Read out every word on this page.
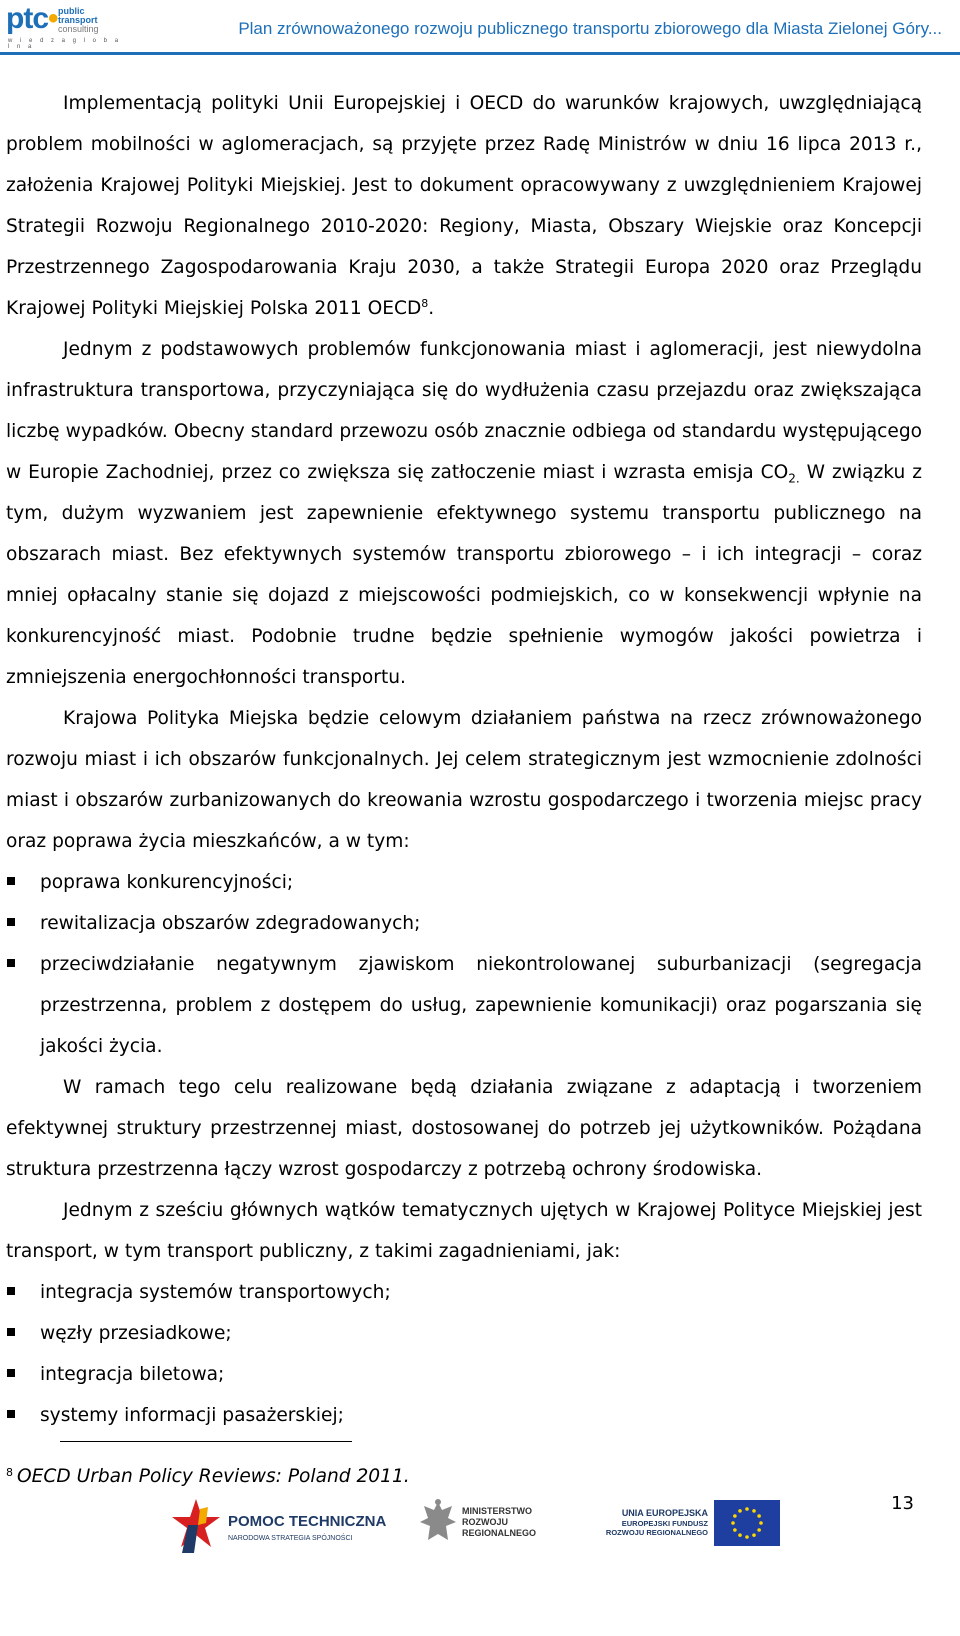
ptc• public
transport
consulting
w i e d z a g l o b a l n a
Plan zrównoważonego rozwoju publicznego transportu zbiorowego dla Miasta Zielonej Góry...

Implementacją polityki Unii Europejskiej i OECD do warunków krajowych, uwzględniającą problem mobilności w aglomeracjach, są przyjęte przez Radę Ministrów w dniu 16 lipca 2013 r., założenia Krajowej Polityki Miejskiej. Jest to dokument opracowywany z uwzględnieniem Krajowej Strategii Rozwoju Regionalnego 2010-2020: Regiony, Miasta, Obszary Wiejskie oraz Koncepcji Przestrzennego Zagospodarowania Kraju 2030, a także Strategii Europa 2020 oraz Przeglądu Krajowej Polityki Miejskiej Polska 2011 OECD$^8$.

Jednym z podstawowych problemów funkcjonowania miast i aglomeracji, jest niewydolna infrastruktura transportowa, przyczyniająca się do wydłużenia czasu przejazdu oraz zwiększająca liczbę wypadków. Obecny standard przewozu osób znacznie odbiega od standardu występującego w Europie Zachodniej, przez co zwiększa się zatłoczenie miast i wzrasta emisja $CO_{2.}$ W związku z tym, dużym wyzwaniem jest zapewnienie efektywnego systemu transportu publicznego na obszarach miast. Bez efektywnych systemów transportu zbiorowego – i ich integracji – coraz mniej opłacalny stanie się dojazd z miejscowości podmiejskich, co w konsekwencji wpłynie na konkurencyjność miast. Podobnie trudne będzie spełnienie wymogów jakości powietrza i zmniejszenia energochłonności transportu.

Krajowa Polityka Miejska będzie celowym działaniem państwa na rzecz zrównoważonego rozwoju miast i ich obszarów funkcjonalnych. Jej celem strategicznym jest wzmocnienie zdolności miast i obszarów zurbanizowanych do kreowania wzrostu gospodarczego i tworzenia miejsc pracy oraz poprawa życia mieszkańców, a w tym:

poprawa konkurencyjności;
rewitalizacja obszarów zdegradowanych;
przeciwdziałanie negatywnym zjawiskom niekontrolowanej suburbanizacji (segregacja przestrzenna, problem z dostępem do usług, zapewnienie komunikacji) oraz pogarszania się jakości życia.

W ramach tego celu realizowane będą działania związane z adaptacją i tworzeniem efektywnej struktury przestrzennej miast, dostosowanej do potrzeb jej użytkowników. Pożądana struktura przestrzenna łączy wzrost gospodarczy z potrzebą ochrony środowiska.

Jednym z sześciu głównych wątków tematycznych ujętych w Krajowej Polityce Miejskiej jest transport, w tym transport publiczny, z takimi zagadnieniami, jak:

integracja systemów transportowych;
węzły przesiadkowe;
integracja biletowa;
systemy informacji pasażerskiej;
$^8$ OECD Urban Policy Reviews: Poland 2011.
13
POMOC TECHNICZNA
NARODOWA STRATEGIA SPÓJNOŚCI
MINISTERSTWO
ROZWOJU
REGIONALNEGO
UNIA EUROPEJSKA
EUROPEJSKI FUNDUSZ
ROZWOJU REGIONALNEGO
